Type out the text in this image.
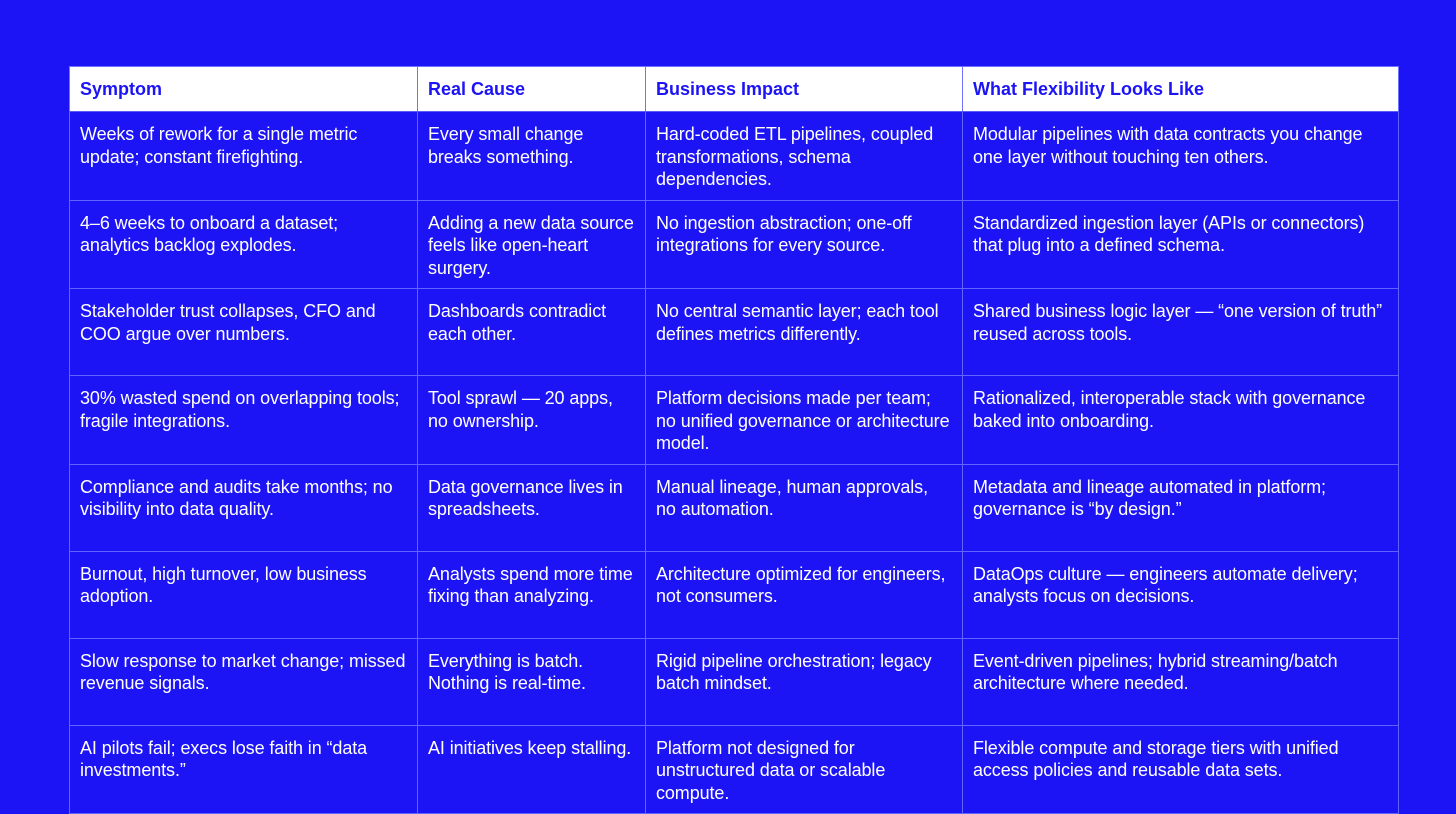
Symptom	Real Cause	Business Impact	What Flexibility Looks Like
Weeks of rework for a single metric update; constant firefighting.	Every small change breaks something.	Hard-coded ETL pipelines, coupled transformations, schema dependencies.	Modular pipelines with data contracts you change one layer without touching ten others.
4–6 weeks to onboard a dataset; analytics backlog explodes.	Adding a new data source feels like open-heart surgery.	No ingestion abstraction; one-off integrations for every source.	Standardized ingestion layer (APIs or connectors) that plug into a defined schema.
Stakeholder trust collapses, CFO and COO argue over numbers.	Dashboards contradict each other.	No central semantic layer; each tool defines metrics differently.	Shared business logic layer — “one version of truth” reused across tools.
30% wasted spend on overlapping tools; fragile integrations.	Tool sprawl — 20 apps, no ownership.	Platform decisions made per team; no unified governance or architecture model.	Rationalized, interoperable stack with governance baked into onboarding.
Compliance and audits take months; no visibility into data quality.	Data governance lives in spreadsheets.	Manual lineage, human approvals, no automation.	Metadata and lineage automated in platform; governance is “by design.”
Burnout, high turnover, low business adoption.	Analysts spend more time fixing than analyzing.	Architecture optimized for engineers, not consumers.	DataOps culture — engineers automate delivery; analysts focus on decisions.
Slow response to market change; missed revenue signals.	Everything is batch. Nothing is real-time.	Rigid pipeline orchestration; legacy batch mindset.	Event-driven pipelines; hybrid streaming/batch architecture where needed.
AI pilots fail; execs lose faith in “data investments.”	AI initiatives keep stalling.	Platform not designed for unstructured data or scalable compute.	Flexible compute and storage tiers with unified access policies and reusable data sets.
